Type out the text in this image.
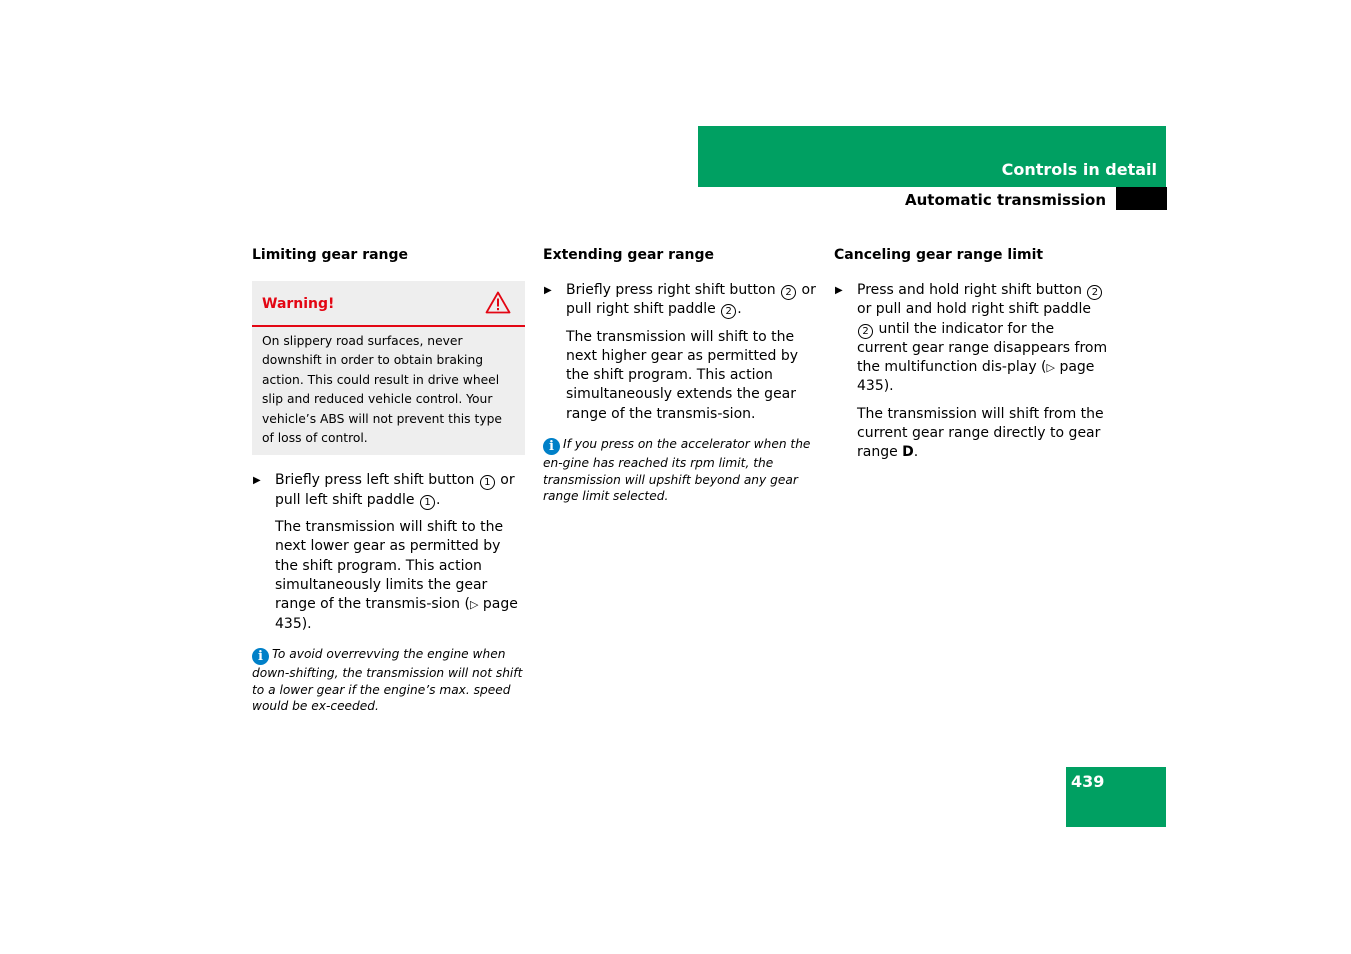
Controls in detail
Automatic transmission
Limiting gear range
Warning!
On slippery road surfaces, never downshift in order to obtain braking action. This could result in drive wheel slip and reduced vehicle control. Your vehicle’s ABS will not prevent this type of loss of control.
▶ Briefly press left shift button 1 or pull left shift paddle 1 .
The transmission will shift to the next lower gear as permitted by the shift program. This action simultaneously limits the gear range of the transmis-sion (▷ page 435).

i To avoid overrevving the engine when down-shifting, the transmission will not shift to a lower gear if the engine’s max. speed would be ex-ceeded.

Extending gear range
▶ Briefly press right shift button 2 or pull right shift paddle 2 .
The transmission will shift to the next higher gear as permitted by the shift program. This action simultaneously extends the gear range of the transmis-sion.

i If you press on the accelerator when the en-gine has reached its rpm limit, the transmission will upshift beyond any gear range limit selected.

Canceling gear range limit
▶ Press and hold right shift button 2 or pull and hold right shift paddle 2 until the indicator for the current gear range disappears from the multifunction dis-play (▷ page 435).
The transmission will shift from the current gear range directly to gear range D.
439
